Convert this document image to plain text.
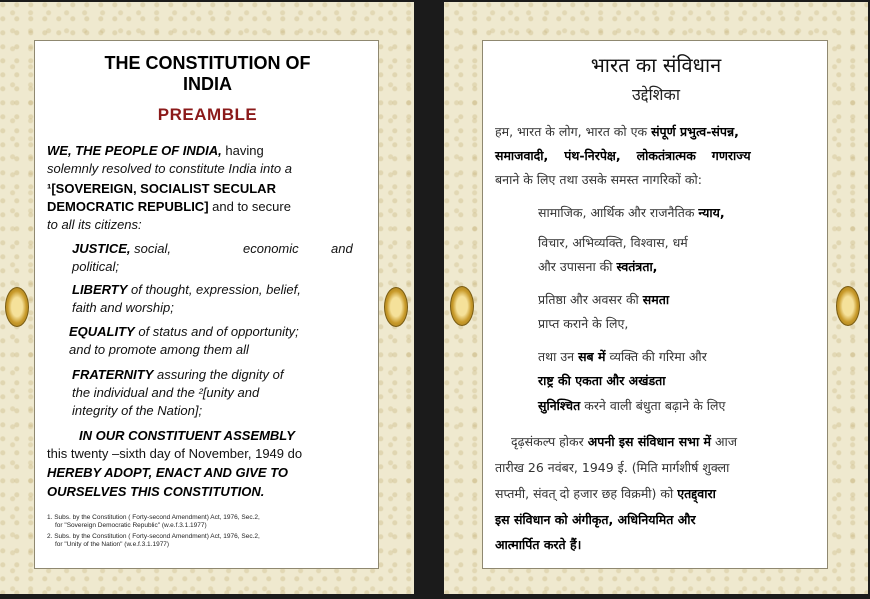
THE CONSTITUTION OF
INDIA
PREAMBLE
WE, THE PEOPLE OF INDIA, having
solemnly resolved to constitute India into a
¹[SOVEREIGN, SOCIALIST SECULAR
DEMOCRATIC REPUBLIC] and to secure
to all its citizens:
JUSTICE, social,	economic and
political;
LIBERTY of thought, expression, belief,
faith and worship;
EQUALITY of status and of opportunity;
and to promote among them all
FRATERNITY assuring the dignity of
the individual and the ²[unity and
integrity of the Nation];
IN OUR CONSTITUENT ASSEMBLY
this twenty –sixth day of November, 1949 do
HEREBY ADOPT, ENACT AND GIVE TO
OURSELVES THIS CONSTITUTION.
1. Subs. by the Constitution ( Forty-second Amendment) Act, 1976, Sec.2,
for "Sovereign Democratic Republic" (w.e.f.3.1.1977)
2. Subs. by the Constitution ( Forty-second Amendment) Act, 1976, Sec.2,
for "Unity of the Nation" (w.e.f.3.1.1977)
भारत का संविधान
उद्देशिका
हम, भारत के लोग, भारत को एक संपूर्ण प्रभुत्व-संपन्न,
समाजवादी, पंथ-निरपेक्ष, लोकतंत्रात्मक गणराज्य
बनाने के लिए तथा उसके समस्त नागरिकों को:
सामाजिक, आर्थिक और राजनैतिक न्याय,
विचार, अभिव्यक्ति, विश्वास, धर्म
और उपासना की स्वतंत्रता,
प्रतिष्ठा और अवसर की समता
प्राप्त कराने के लिए,
तथा उन सब में व्यक्ति की गरिमा और
राष्ट्र की एकता और अखंडता
सुनिश्चित करने वाली बंधुता बढ़ाने के लिए
दृढ़संकल्प होकर अपनी इस संविधान सभा में आज
तारीख 26 नवंबर, 1949 ई. (मिति मार्गशीर्ष शुक्ला
सप्तमी, संवत् दो हजार छह विक्रमी) को एतद्द्वारा
इस संविधान को अंगीकृत, अधिनियमित और
आत्मार्पित करते हैं।
